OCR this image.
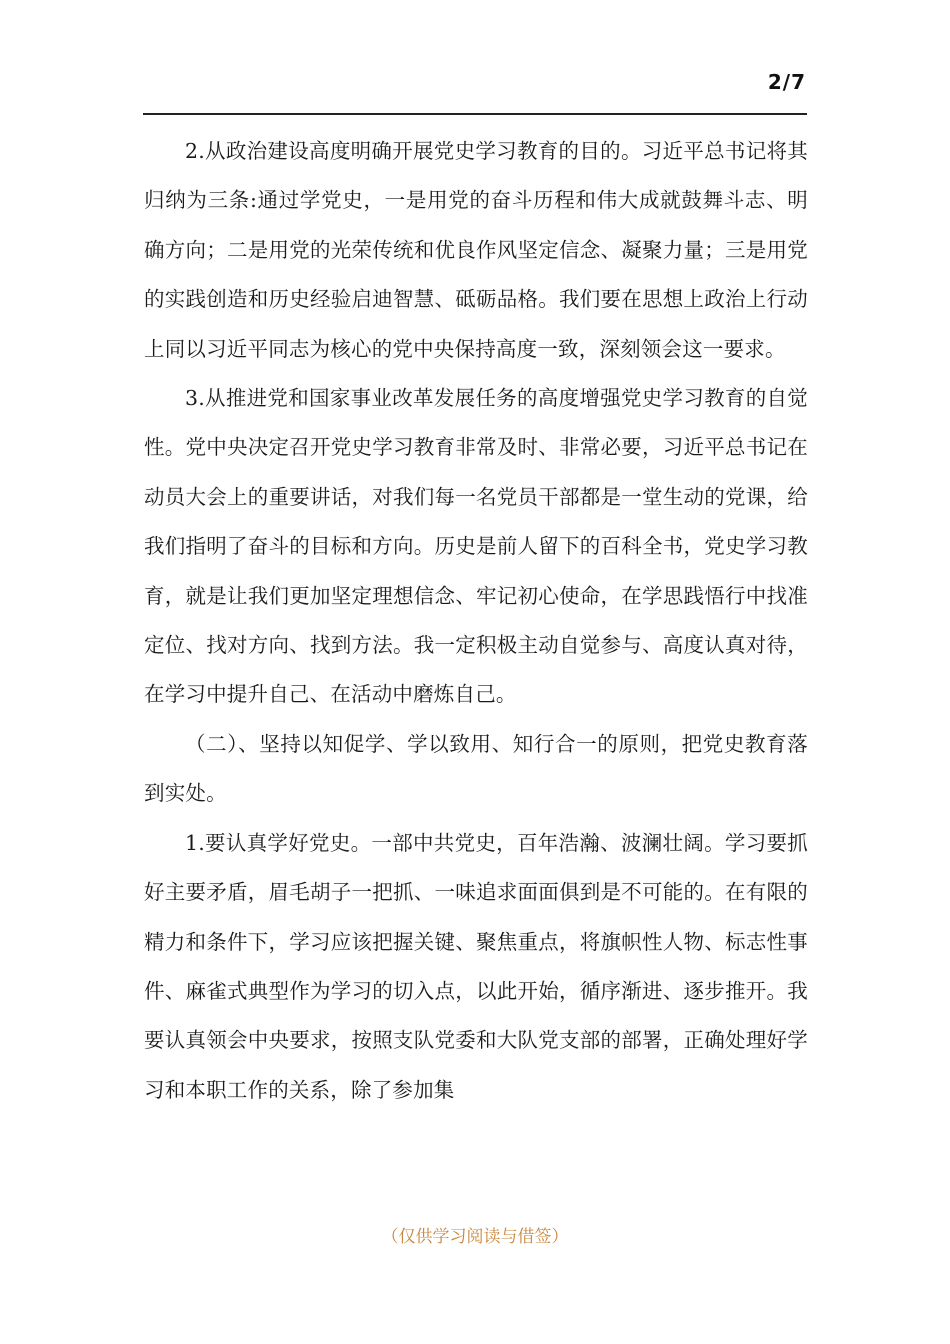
2/7

2.从政治建设高度明确开展党史学习教育的目的。习近平总书记将其归纳为三条:通过学党史，一是用党的奋斗历程和伟大成就鼓舞斗志、明确方向；二是用党的光荣传统和优良作风坚定信念、凝聚力量；三是用党的实践创造和历史经验启迪智慧、砥砺品格。我们要在思想上政治上行动上同以习近平同志为核心的党中央保持高度一致，深刻领会这一要求。

3.从推进党和国家事业改革发展任务的高度增强党史学习教育的自觉性。党中央决定召开党史学习教育非常及时、非常必要，习近平总书记在动员大会上的重要讲话，对我们每一名党员干部都是一堂生动的党课，给我们指明了奋斗的目标和方向。历史是前人留下的百科全书，党史学习教育，就是让我们更加坚定理想信念、牢记初心使命，在学思践悟行中找准定位、找对方向、找到方法。我一定积极主动自觉参与、高度认真对待，在学习中提升自己、在活动中磨炼自己。

（二）、坚持以知促学、学以致用、知行合一的原则，把党史教育落到实处。

1.要认真学好党史。一部中共党史，百年浩瀚、波澜壮阔。学习要抓好主要矛盾，眉毛胡子一把抓、一味追求面面俱到是不可能的。在有限的精力和条件下，学习应该把握关键、聚焦重点，将旗帜性人物、标志性事件、麻雀式典型作为学习的切入点，以此开始，循序渐进、逐步推开。我要认真领会中央要求，按照支队党委和大队党支部的部署，正确处理好学习和本职工作的关系，除了参加集

（仅供学习阅读与借签）
